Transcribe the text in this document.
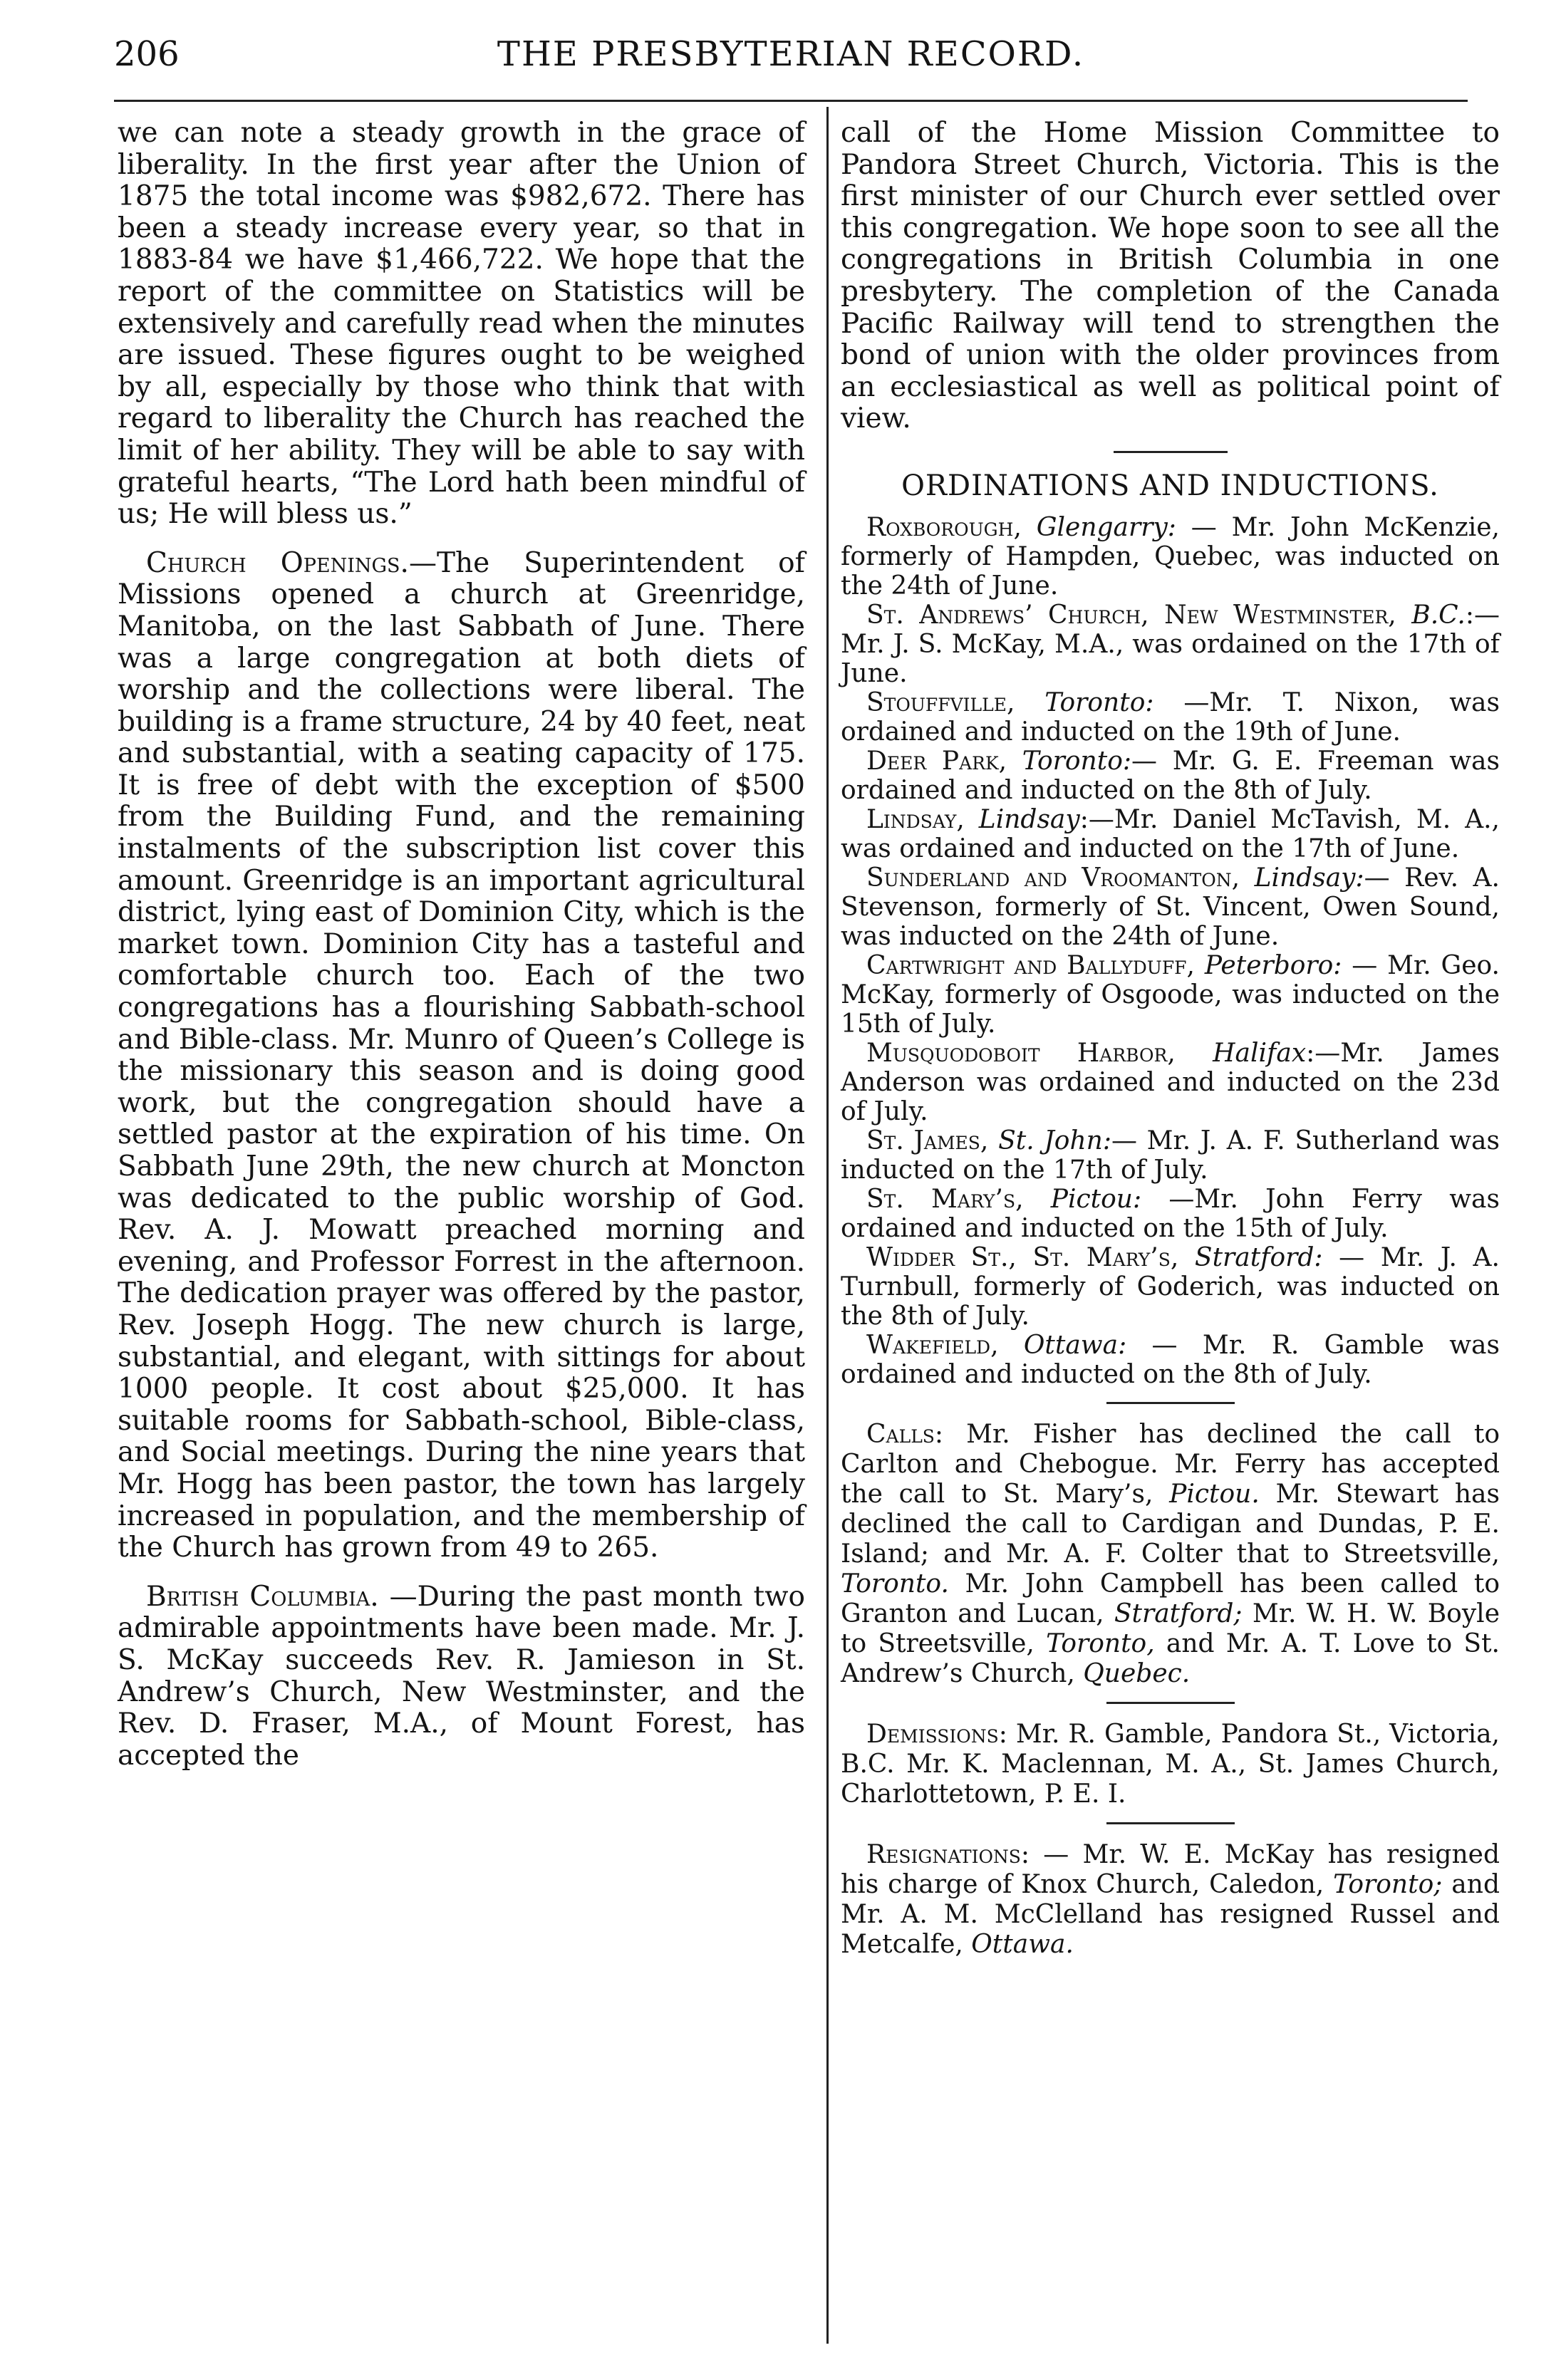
206	THE PRESBYTERIAN RECORD.

we can note a steady growth in the grace of liberality. In the first year after the Union of 1875 the total income was $982,672. There has been a steady increase every year, so that in 1883-84 we have $1,466,722. We hope that the report of the committee on Statistics will be extensively and carefully read when the minutes are issued. These figures ought to be weighed by all, especially by those who think that with regard to liberality the Church has reached the limit of her ability. They will be able to say with grateful hearts, “The Lord hath been mindful of us; He will bless us.”

Church Openings.—The Superintendent of Missions opened a church at Greenridge, Manitoba, on the last Sabbath of June. There was a large congregation at both diets of worship and the collections were liberal. The building is a frame structure, 24 by 40 feet, neat and substantial, with a seating capacity of 175. It is free of debt with the exception of $500 from the Building Fund, and the remaining instalments of the subscription list cover this amount. Greenridge is an important agricultural district, lying east of Dominion City, which is the market town. Dominion City has a tasteful and comfortable church too. Each of the two congregations has a flourishing Sabbath-school and Bible-class. Mr. Munro of Queen’s College is the missionary this season and is doing good work, but the congregation should have a settled pastor at the expiration of his time. On Sabbath June 29th, the new church at Moncton was dedicated to the public worship of God. Rev. A. J. Mowatt preached morning and evening, and Professor Forrest in the afternoon. The dedication prayer was offered by the pastor, Rev. Joseph Hogg. The new church is large, substantial, and elegant, with sittings for about 1000 people. It cost about $25,000. It has suitable rooms for Sabbath-school, Bible-class, and Social meetings. During the nine years that Mr. Hogg has been pastor, the town has largely increased in population, and the membership of the Church has grown from 49 to 265.

British Columbia. —During the past month two admirable appointments have been made. Mr. J. S. McKay succeeds Rev. R. Jamieson in St. Andrew’s Church, New Westminster, and the Rev. D. Fraser, M.A., of Mount Forest, has accepted the

call of the Home Mission Committee to Pandora Street Church, Victoria. This is the first minister of our Church ever settled over this congregation. We hope soon to see all the congregations in British Columbia in one presbytery. The completion of the Canada Pacific Railway will tend to strengthen the bond of union with the older provinces from an ecclesiastical as well as political point of view.

ORDINATIONS AND INDUCTIONS.

Roxborough, Glengarry: — Mr. John McKenzie, formerly of Hampden, Quebec, was inducted on the 24th of June.

St. Andrews’ Church, New Westminster, B.C.:—Mr. J. S. McKay, M.A., was ordained on the 17th of June.

Stouffville, Toronto: —Mr. T. Nixon, was ordained and inducted on the 19th of June.

Deer Park, Toronto:— Mr. G. E. Freeman was ordained and inducted on the 8th of July.

Lindsay, Lindsay:—Mr. Daniel McTavish, M. A., was ordained and inducted on the 17th of June.

Sunderland and Vroomanton, Lindsay:— Rev. A. Stevenson, formerly of St. Vincent, Owen Sound, was inducted on the 24th of June.

Cartwright and Ballyduff, Peterboro: — Mr. Geo. McKay, formerly of Osgoode, was inducted on the 15th of July.

Musquodoboit Harbor, Halifax:—Mr. James Anderson was ordained and inducted on the 23d of July.

St. James, St. John:— Mr. J. A. F. Sutherland was inducted on the 17th of July.

St. Mary’s, Pictou: —Mr. John Ferry was ordained and inducted on the 15th of July.

Widder St., St. Mary’s, Stratford: — Mr. J. A. Turnbull, formerly of Goderich, was inducted on the 8th of July.

Wakefield, Ottawa: — Mr. R. Gamble was ordained and inducted on the 8th of July.

Calls: Mr. Fisher has declined the call to Carlton and Chebogue. Mr. Ferry has accepted the call to St. Mary’s, Pictou. Mr. Stewart has declined the call to Cardigan and Dundas, P. E. Island; and Mr. A. F. Colter that to Streetsville, Toronto. Mr. John Campbell has been called to Granton and Lucan, Stratford; Mr. W. H. W. Boyle to Streetsville, Toronto, and Mr. A. T. Love to St. Andrew’s Church, Quebec.

Demissions: Mr. R. Gamble, Pandora St., Victoria, B.C. Mr. K. Maclennan, M. A., St. James Church, Charlottetown, P. E. I.

Resignations: — Mr. W. E. McKay has resigned his charge of Knox Church, Caledon, Toronto; and Mr. A. M. McClelland has resigned Russel and Metcalfe, Ottawa.
